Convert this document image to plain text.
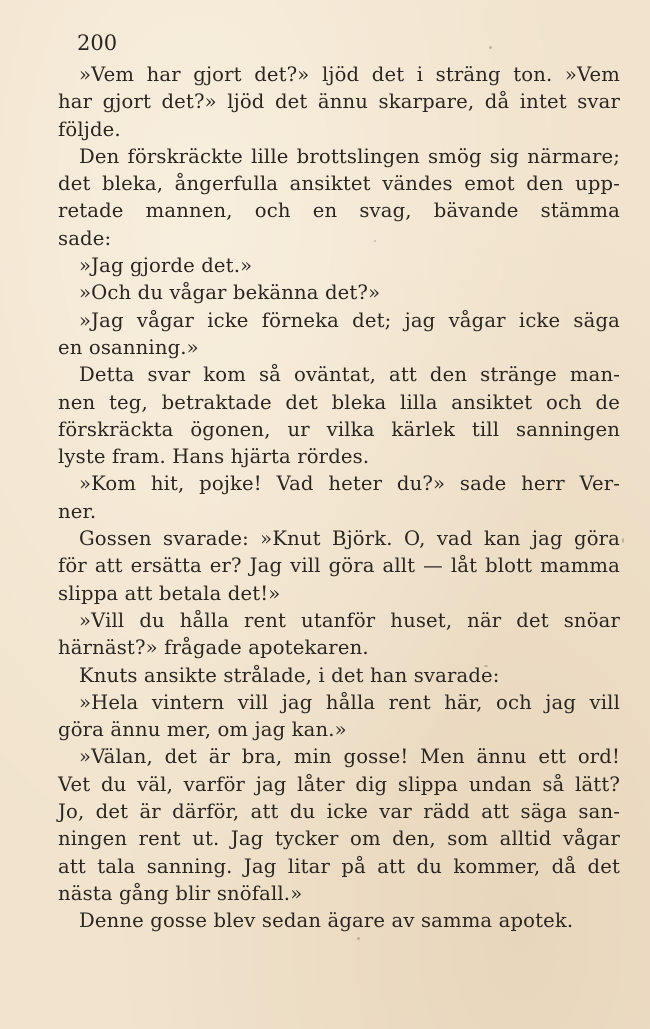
200

»Vem har gjort det?» ljöd det i sträng ton. »Vem
har gjort det?» ljöd det ännu skarpare, då intet svar
följde.

Den förskräckte lille brottslingen smög sig närmare;
det bleka, ångerfulla ansiktet vändes emot den upp-
retade mannen, och en svag, bävande stämma
sade:

»Jag gjorde det.»

»Och du vågar bekänna det?»

»Jag vågar icke förneka det; jag vågar icke säga
en osanning.»

Detta svar kom så oväntat, att den stränge man-
nen teg, betraktade det bleka lilla ansiktet och de
förskräckta ögonen, ur vilka kärlek till sanningen
lyste fram. Hans hjärta rördes.

»Kom hit, pojke! Vad heter du?» sade herr Ver-
ner.

Gossen svarade: »Knut Björk. O, vad kan jag göra
för att ersätta er? Jag vill göra allt — låt blott mamma
slippa att betala det!»

»Vill du hålla rent utanför huset, när det snöar
härnäst?» frågade apotekaren.

Knuts ansikte strålade, i det han svarade:

»Hela vintern vill jag hålla rent här, och jag vill
göra ännu mer, om jag kan.»

»Välan, det är bra, min gosse! Men ännu ett ord!
Vet du väl, varför jag låter dig slippa undan så lätt?
Jo, det är därför, att du icke var rädd att säga san-
ningen rent ut. Jag tycker om den, som alltid vågar
att tala sanning. Jag litar på att du kommer, då det
nästa gång blir snöfall.»

Denne gosse blev sedan ägare av samma apotek.
